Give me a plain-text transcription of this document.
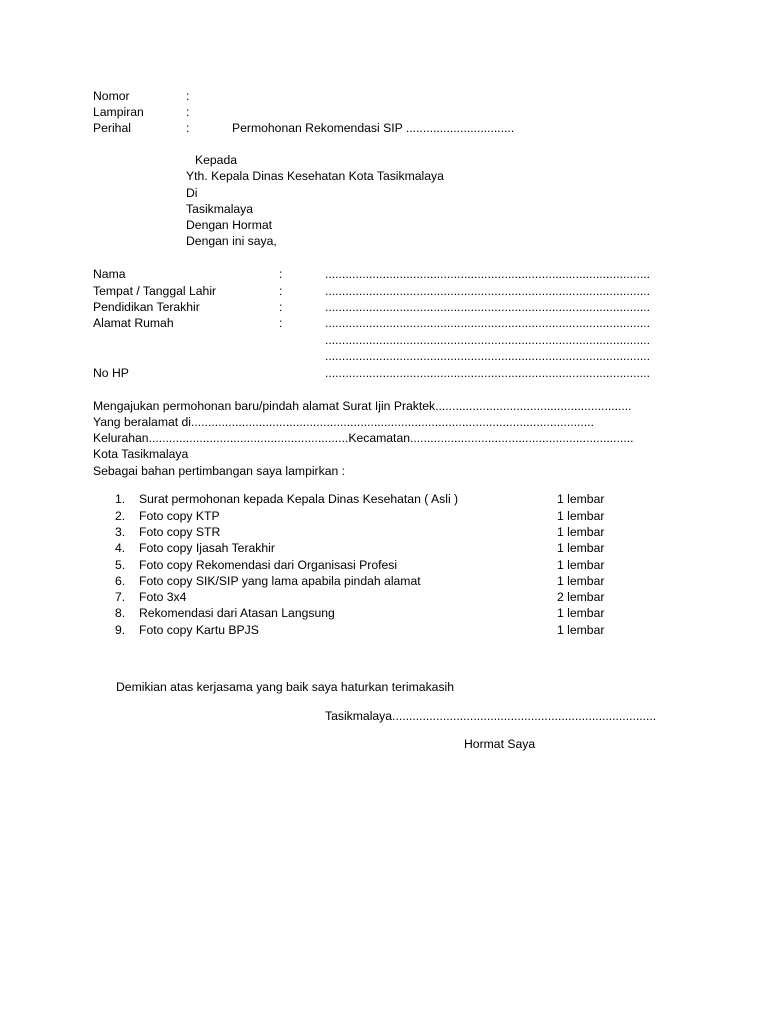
Nomor	:
Lampiran	:
Perihal	:	Permohonan Rekomendasi SIP ................................
Kepada
Yth. Kepala Dinas Kesehatan Kota Tasikmalaya
Di
Tasikmalaya
Dengan Hormat
Dengan ini saya,
Nama	:	................................................................................................
Tempat / Tanggal Lahir	:	................................................................................................
Pendidikan Terakhir	:	................................................................................................
Alamat Rumah	:	................................................................................................
................................................................................................
................................................................................................
No HP	................................................................................................
Mengajukan permohonan baru/pindah alamat Surat Ijin Praktek..........................................................
Yang beralamat di.......................................................................................................................
Kelurahan...........................................................Kecamatan..................................................................
Kota Tasikmalaya
Sebagai bahan pertimbangan saya lampirkan :
1. Surat permohonan kepada Kepala Dinas Kesehatan ( Asli )	1 lembar
2. Foto copy KTP	1 lembar
3. Foto copy STR	1 lembar
4. Foto copy Ijasah Terakhir	1 lembar
5. Foto copy Rekomendasi dari Organisasi Profesi	1 lembar
6. Foto copy SIK/SIP yang lama apabila pindah alamat	1 lembar
7. Foto 3x4	2 lembar
8. Rekomendasi dari Atasan Langsung	1 lembar
9. Foto copy Kartu BPJS	1 lembar
Demikian atas kerjasama yang baik saya haturkan terimakasih
Tasikmalaya..............................................................................
Hormat Saya
